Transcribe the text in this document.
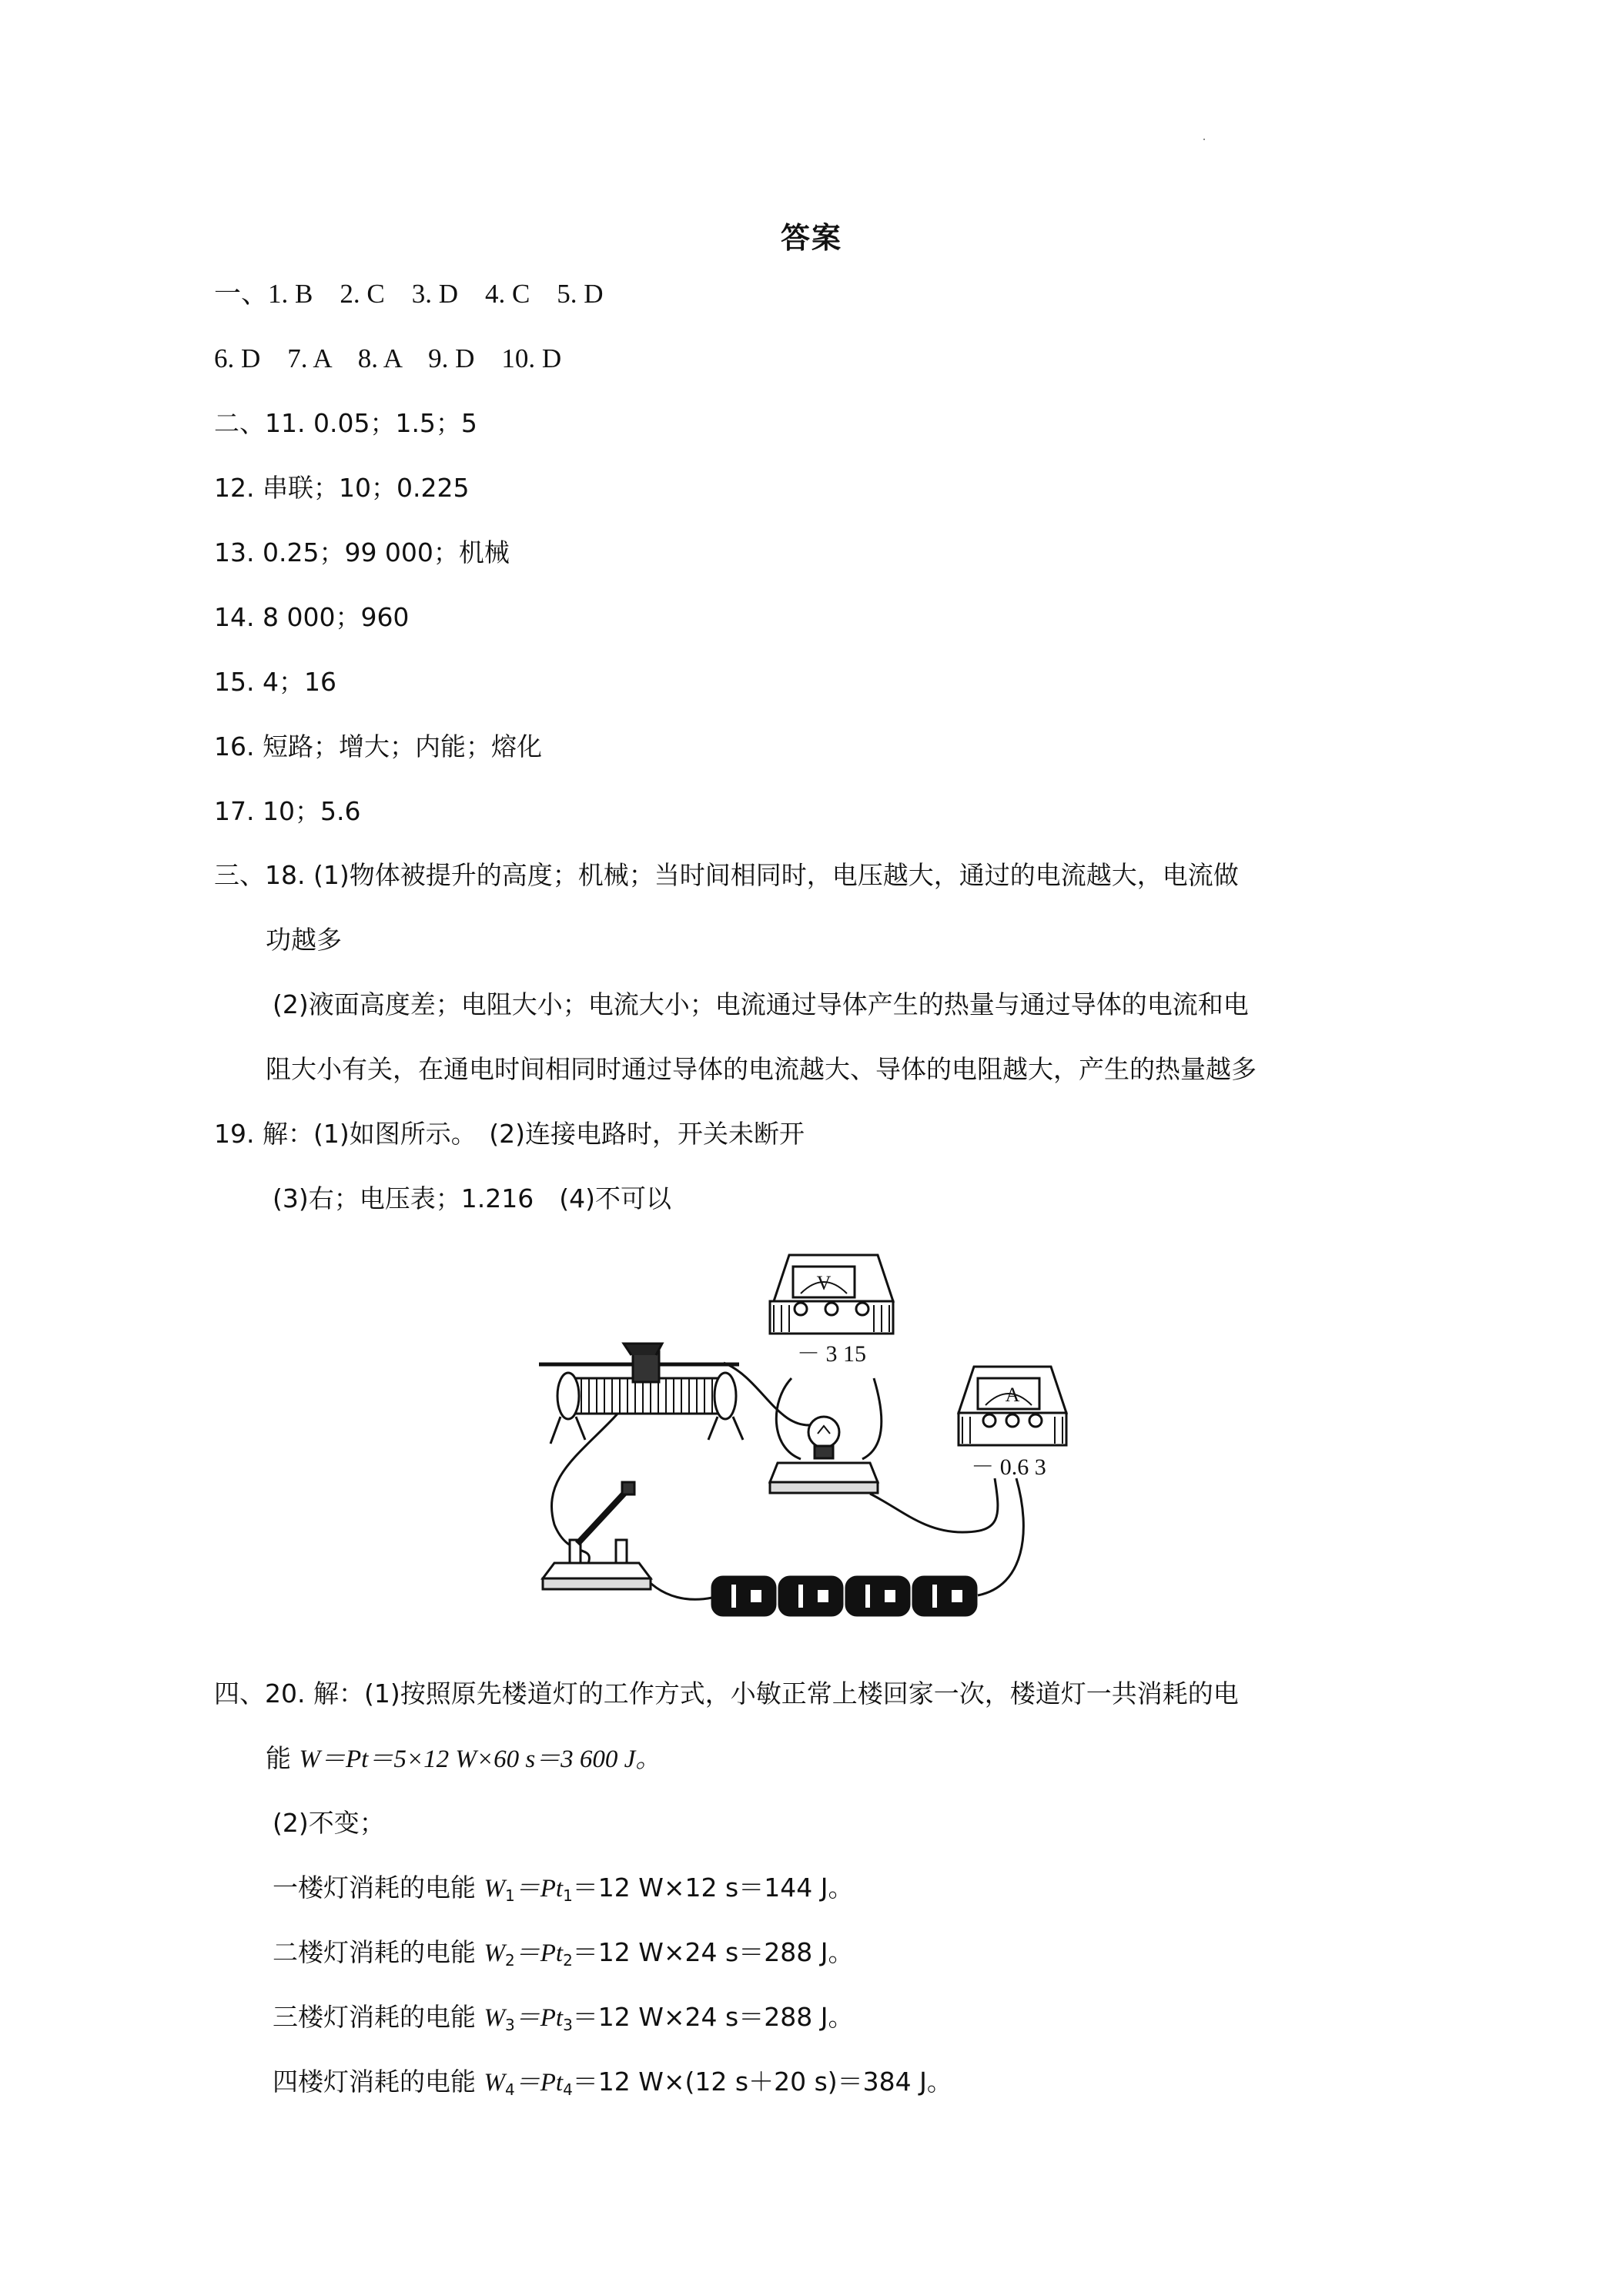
答案
一、1. B　2. C　3. D　4. C　5. D
6. D　7. A　8. A　9. D　10. D
二、11. 0.05；1.5；5
12. 串联；10；0.225
13. 0.25；99 000；机械
14. 8 000；960
15. 4；16
16. 短路；增大；内能；熔化
17. 10；5.6
三、18. (1)物体被提升的高度；机械；当时间相同时，电压越大，通过的电流越大，电流做
功越多
(2)液面高度差；电阻大小；电流大小；电流通过导体产生的热量与通过导体的电流和电
阻大小有关，在通电时间相同时通过导体的电流越大、导体的电阻越大，产生的热量越多
19. 解：(1)如图所示。　(2)连接电路时，开关未断开
(3)右；电压表；1.216　(4)不可以
V
－ 3 15
A
－ 0.6 3
四、20. 解：(1)按照原先楼道灯的工作方式，小敏正常上楼回家一次，楼道灯一共消耗的电
能 W＝Pt＝5×12 W×60 s＝3 600 J。
(2)不变；
一楼灯消耗的电能 $W_1=Pt_1=12$ W×12 s＝144 J。
二楼灯消耗的电能 $W_2=Pt_2=12$ W×24 s＝288 J。
三楼灯消耗的电能 $W_3=Pt_3=12$ W×24 s＝288 J。
四楼灯消耗的电能 $W_4=Pt_4=12$ W×(12 s＋20 s)＝384 J。
